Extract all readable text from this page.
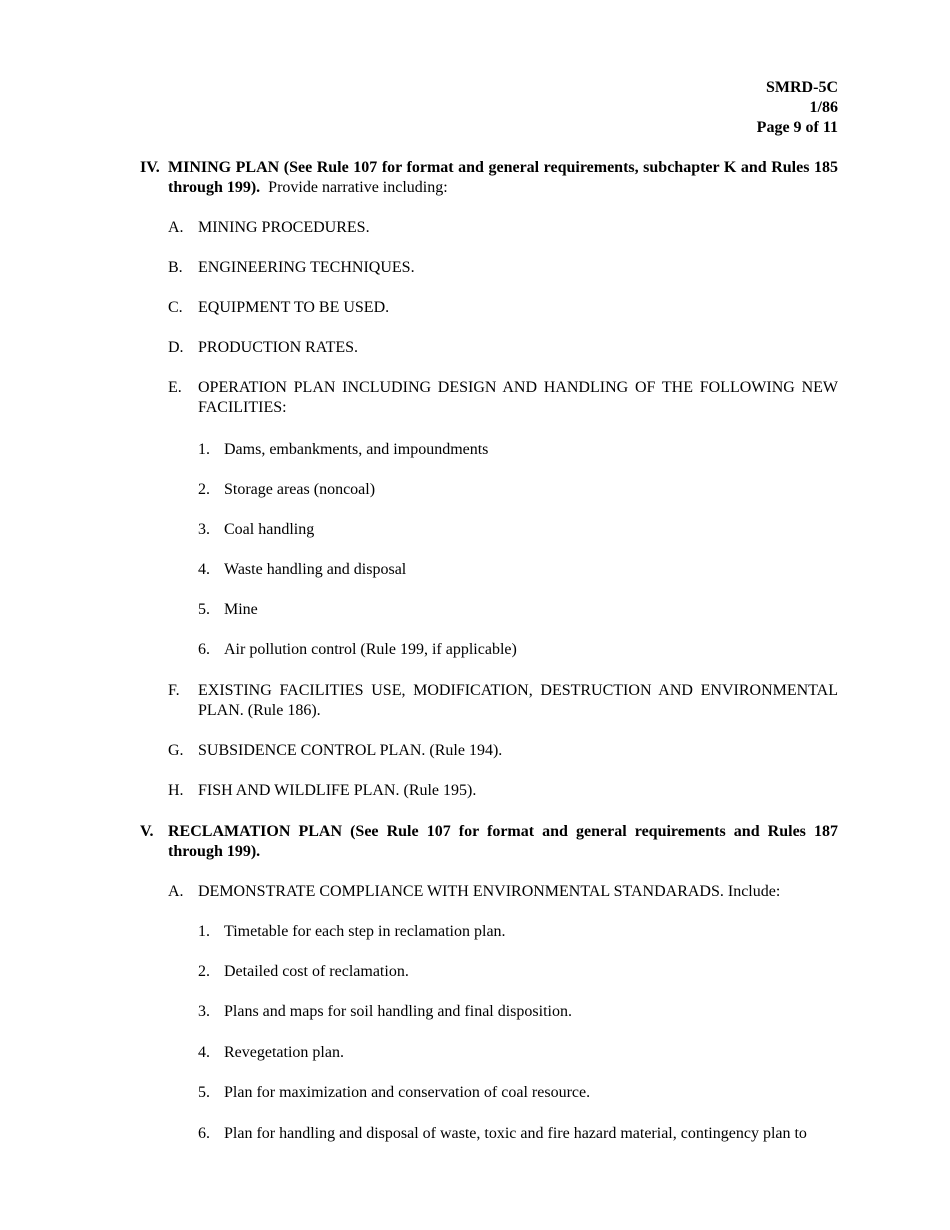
SMRD-5C
1/86
Page 9 of 11
IV. MINING PLAN (See Rule 107 for format and general requirements, subchapter K and Rules 185 through 199). Provide narrative including:
A. MINING PROCEDURES.
B. ENGINEERING TECHNIQUES.
C. EQUIPMENT TO BE USED.
D. PRODUCTION RATES.
E. OPERATION PLAN INCLUDING DESIGN AND HANDLING OF THE FOLLOWING NEW FACILITIES:
1. Dams, embankments, and impoundments
2. Storage areas (noncoal)
3. Coal handling
4. Waste handling and disposal
5. Mine
6. Air pollution control (Rule 199, if applicable)
F. EXISTING FACILITIES USE, MODIFICATION, DESTRUCTION AND ENVIRONMENTAL PLAN. (Rule 186).
G. SUBSIDENCE CONTROL PLAN. (Rule 194).
H. FISH AND WILDLIFE PLAN. (Rule 195).
V. RECLAMATION PLAN (See Rule 107 for format and general requirements and Rules 187 through 199).
A. DEMONSTRATE COMPLIANCE WITH ENVIRONMENTAL STANDARADS. Include:
1. Timetable for each step in reclamation plan.
2. Detailed cost of reclamation.
3. Plans and maps for soil handling and final disposition.
4. Revegetation plan.
5. Plan for maximization and conservation of coal resource.
6. Plan for handling and disposal of waste, toxic and fire hazard material, contingency plan to
